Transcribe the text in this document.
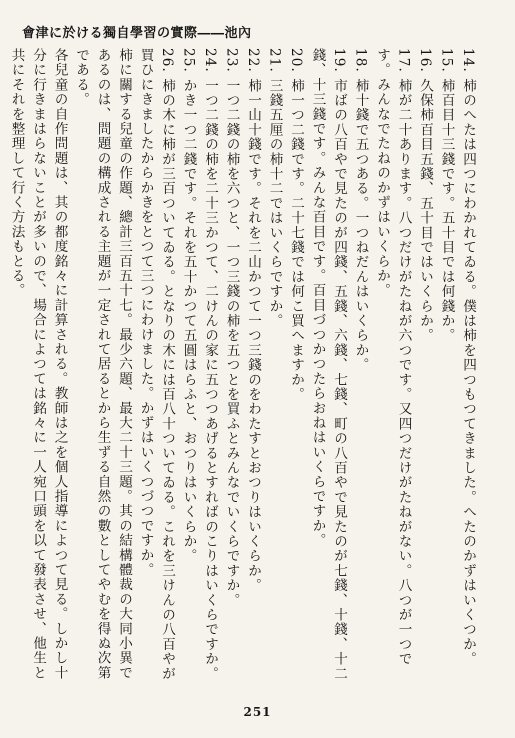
會津に於ける獨自學習の實際――池內

14. 柿のへたは四つにわかれてゐる。僕は柿を四つもつてきました。へたのかずはいくつか。

15. 柿百目十三錢です。五十目では何錢か。

16. 久保柿百目五錢、五十目ではいくらか。

17. 柿が二十あります。八つだけがたねが六つです。又四つだけがたねがない。八つが一つです。みんなでたねのかずはいくらか。

18. 柿十錢で五つある。一つねだんはいくらか。

19. 市ばの八百やで見たのが四錢、五錢、六錢、七錢、町の八百やで見たのが七錢、十錢、十二錢、十三錢です。みんな百目です。百目づつかつたらおねはいくらですか。

20. 柿一つ二錢です。二十七錢では何こ買へますか。

21. 三錢五厘の柿十二ではいくらですか。

22. 柿一山十錢です。それを二山かつて一つ三錢のをわたすとおつりはいくらか。

23. 一つ二錢の柿を六つと、一つ三錢の柿を五つとを買ふとみんなでいくらですか。

24. 一つ二錢の柿を二十三かつて、二けんの家に五つつあげるとすればのこりはいくらですか。

25. かき一つ二錢です。それを五十かつて五圓はらふと、おつりはいくらか。

26. 柿の木に柿が三百ついてゐる。となりの木には百八十ついてゐる。これを三けんの八百やが買ひにきましたからかきをとつて三つにわけました。かずはいくつづつですか。

柿に關する兒童の作題、總計三百五十七。最少六題、最大二十三題。其の結構體裁の大同小異であるのは、問題の構成される主題が一定されて居るとから生ずる自然の數としてやむを得ぬ次第である。

各兒童の自作問題は、其の都度銘々に計算される。教師は之を個人指導によつて見る。しかし十分に行きまはらないことが多いので、場合によつては銘々に一人宛口頭を以て發表させ、他生と共にそれを整理して行く方法もとる。

251
